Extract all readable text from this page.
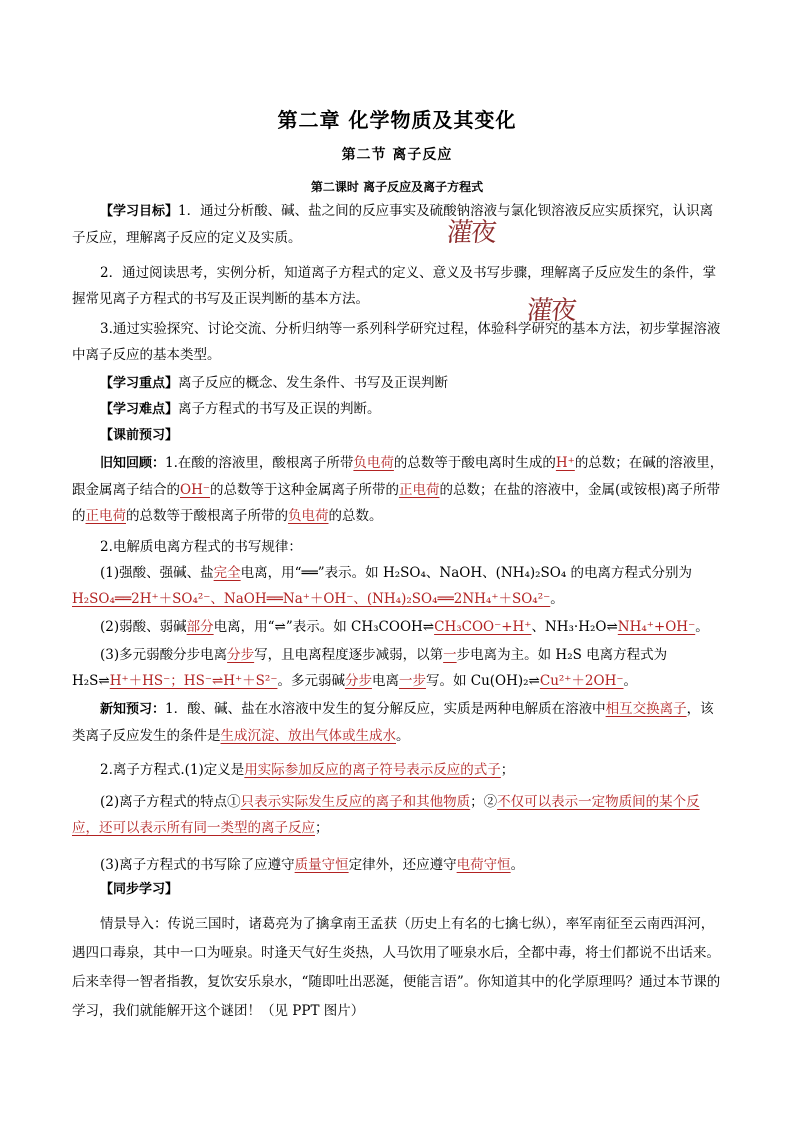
第二章 化学物质及其变化
第二节 离子反应
第二课时 离子反应及离子方程式
灌夜
灌夜
【学习目标】1．通过分析酸、碱、盐之间的反应事实及硫酸钠溶液与氯化钡溶液反应实质探究，认识离子反应，理解离子反应的定义及实质。
2．通过阅读思考，实例分析，知道离子方程式的定义、意义及书写步骤，理解离子反应发生的条件，掌握常见离子方程式的书写及正误判断的基本方法。
3.通过实验探究、讨论交流、分析归纳等一系列科学研究过程，体验科学研究的基本方法，初步掌握溶液中离子反应的基本类型。
【学习重点】离子反应的概念、发生条件、书写及正误判断
【学习难点】离子方程式的书写及正误的判断。
【课前预习】
旧知回顾：1.在酸的溶液里，酸根离子所带负电荷的总数等于酸电离时生成的H⁺的总数；在碱的溶液里，跟金属离子结合的OH⁻的总数等于这种金属离子所带的正电荷的总数；在盐的溶液中，金属(或铵根)离子所带的正电荷的总数等于酸根离子所带的负电荷的总数。
2.电解质电离方程式的书写规律：
(1)强酸、强碱、盐完全电离，用“══”表示。如 H₂SO₄、NaOH、(NH₄)₂SO₄ 的电离方程式分别为H₂SO₄══2H⁺＋SO₄²⁻、NaOH══Na⁺＋OH⁻、(NH₄)₂SO₄══2NH₄⁺＋SO₄²⁻。
(2)弱酸、弱碱部分电离，用“⇌”表示。如 CH₃COOH⇌CH₃COO⁻+H⁺、NH₃·H₂O⇌NH₄⁺+OH⁻。
(3)多元弱酸分步电离分步写，且电离程度逐步减弱，以第一步电离为主。如 H₂S 电离方程式为 H₂S⇌H⁺＋HS⁻；HS⁻⇌H⁺＋S²⁻。多元弱碱分步电离一步写。如 Cu(OH)₂⇌Cu²⁺＋2OH⁻。
新知预习：1．酸、碱、盐在水溶液中发生的复分解反应，实质是两种电解质在溶液中相互交换离子，该类离子反应发生的条件是生成沉淀、放出气体或生成水。
2.离子方程式.(1)定义是用实际参加反应的离子符号表示反应的式子；
(2)离子方程式的特点①只表示实际发生反应的离子和其他物质；②不仅可以表示一定物质间的某个反应，还可以表示所有同一类型的离子反应；
(3)离子方程式的书写除了应遵守质量守恒定律外，还应遵守电荷守恒。
【同步学习】
情景导入：传说三国时，诸葛亮为了擒拿南王孟获（历史上有名的七擒七纵），率军南征至云南西洱河，遇四口毒泉，其中一口为哑泉。时逢天气好生炎热，人马饮用了哑泉水后，全都中毒，将士们都说不出话来。后来幸得一智者指教，复饮安乐泉水，“随即吐出恶涎，便能言语”。你知道其中的化学原理吗？通过本节课的学习，我们就能解开这个谜团！（见 PPT 图片）
